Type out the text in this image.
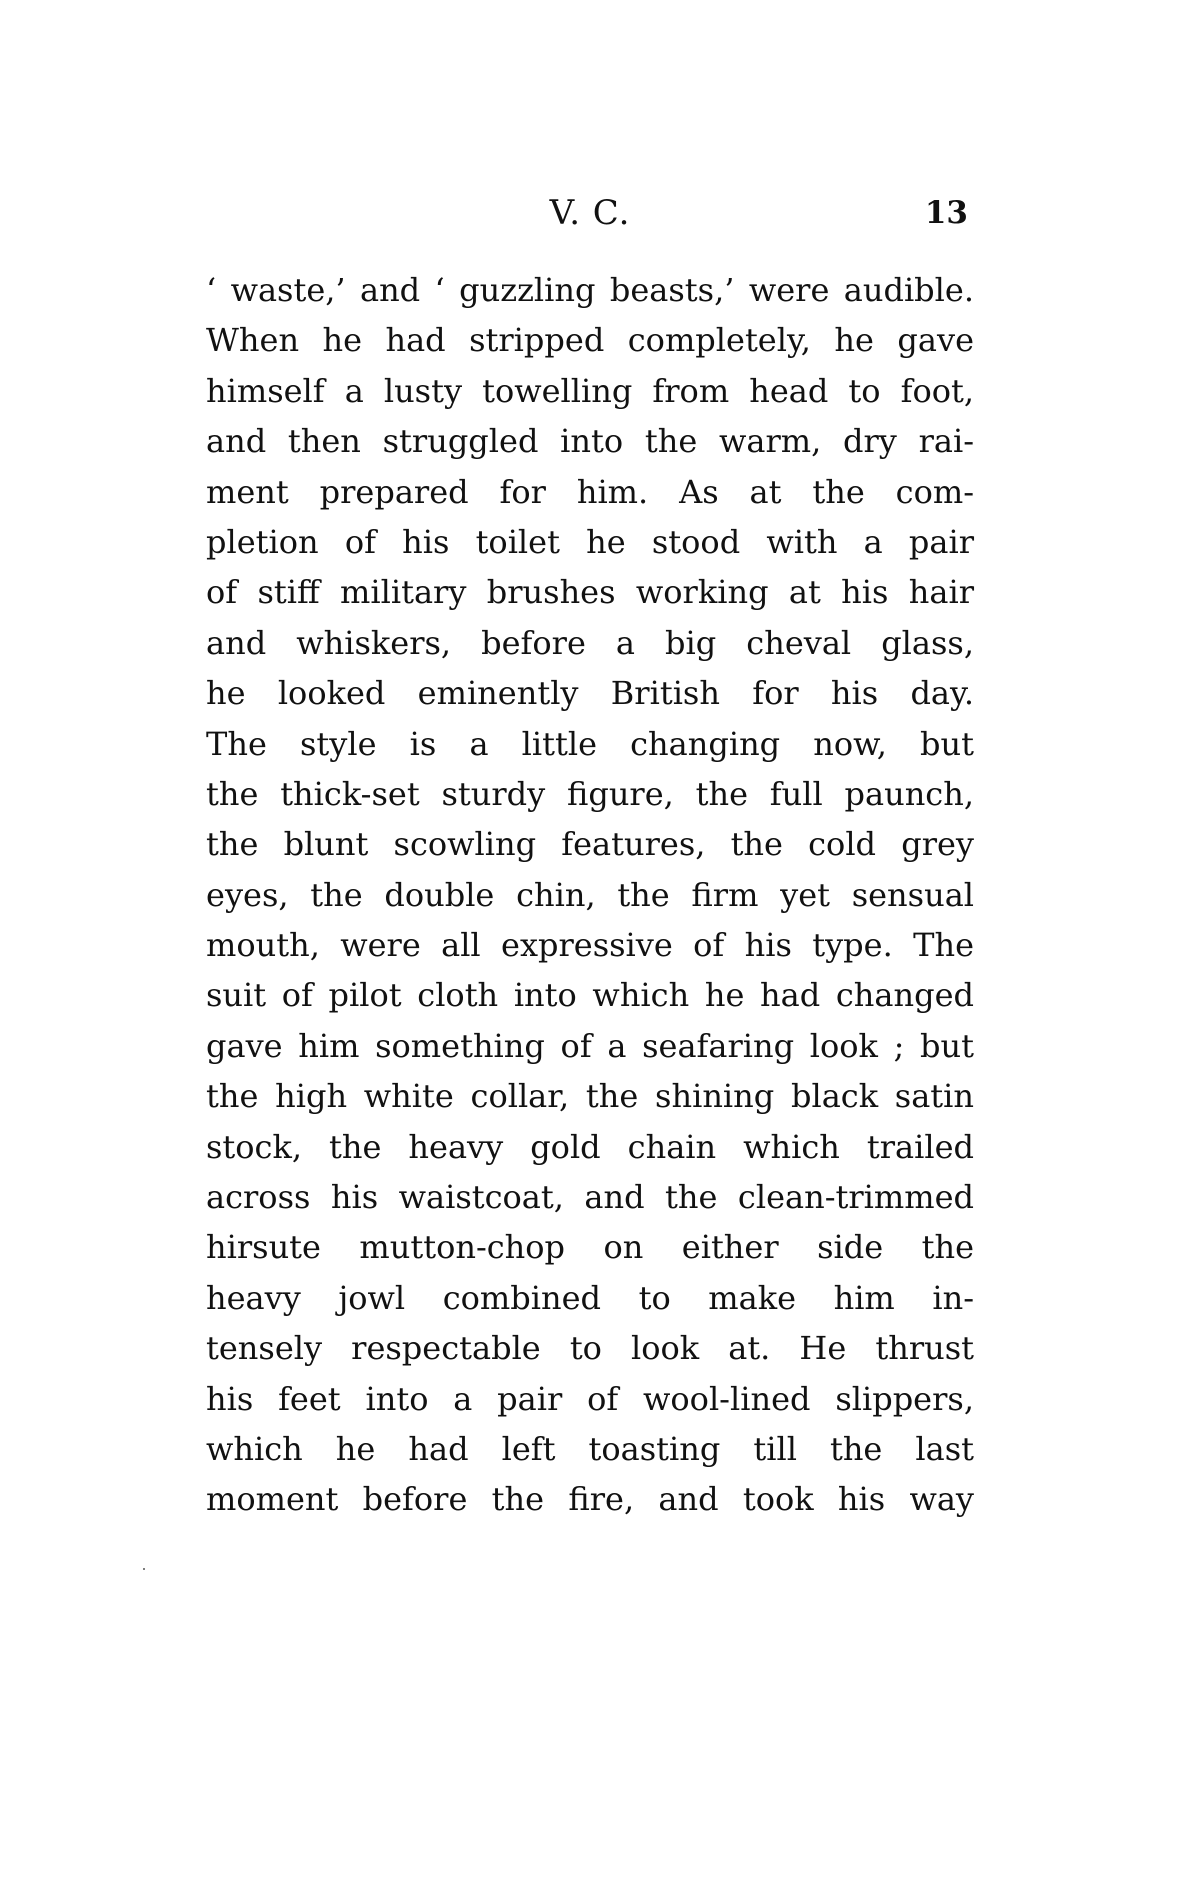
V. C.	13
‘ waste,’ and ‘ guzzling beasts,’ were audible.
When he had stripped completely, he gave
himself a lusty towelling from head to foot,
and then struggled into the warm, dry rai-
ment prepared for him. As at the com-
pletion of his toilet he stood with a pair
of stiff military brushes working at his hair
and whiskers, before a big cheval glass,
he looked eminently British for his day.
The style is a little changing now, but
the thick-set sturdy figure, the full paunch,
the blunt scowling features, the cold grey
eyes, the double chin, the firm yet sensual
mouth, were all expressive of his type. The
suit of pilot cloth into which he had changed
gave him something of a seafaring look ; but
the high white collar, the shining black satin
stock, the heavy gold chain which trailed
across his waistcoat, and the clean-trimmed
hirsute mutton-chop on either side the
heavy jowl combined to make him in-
tensely respectable to look at. He thrust
his feet into a pair of wool-lined slippers,
which he had left toasting till the last
moment before the fire, and took his way
